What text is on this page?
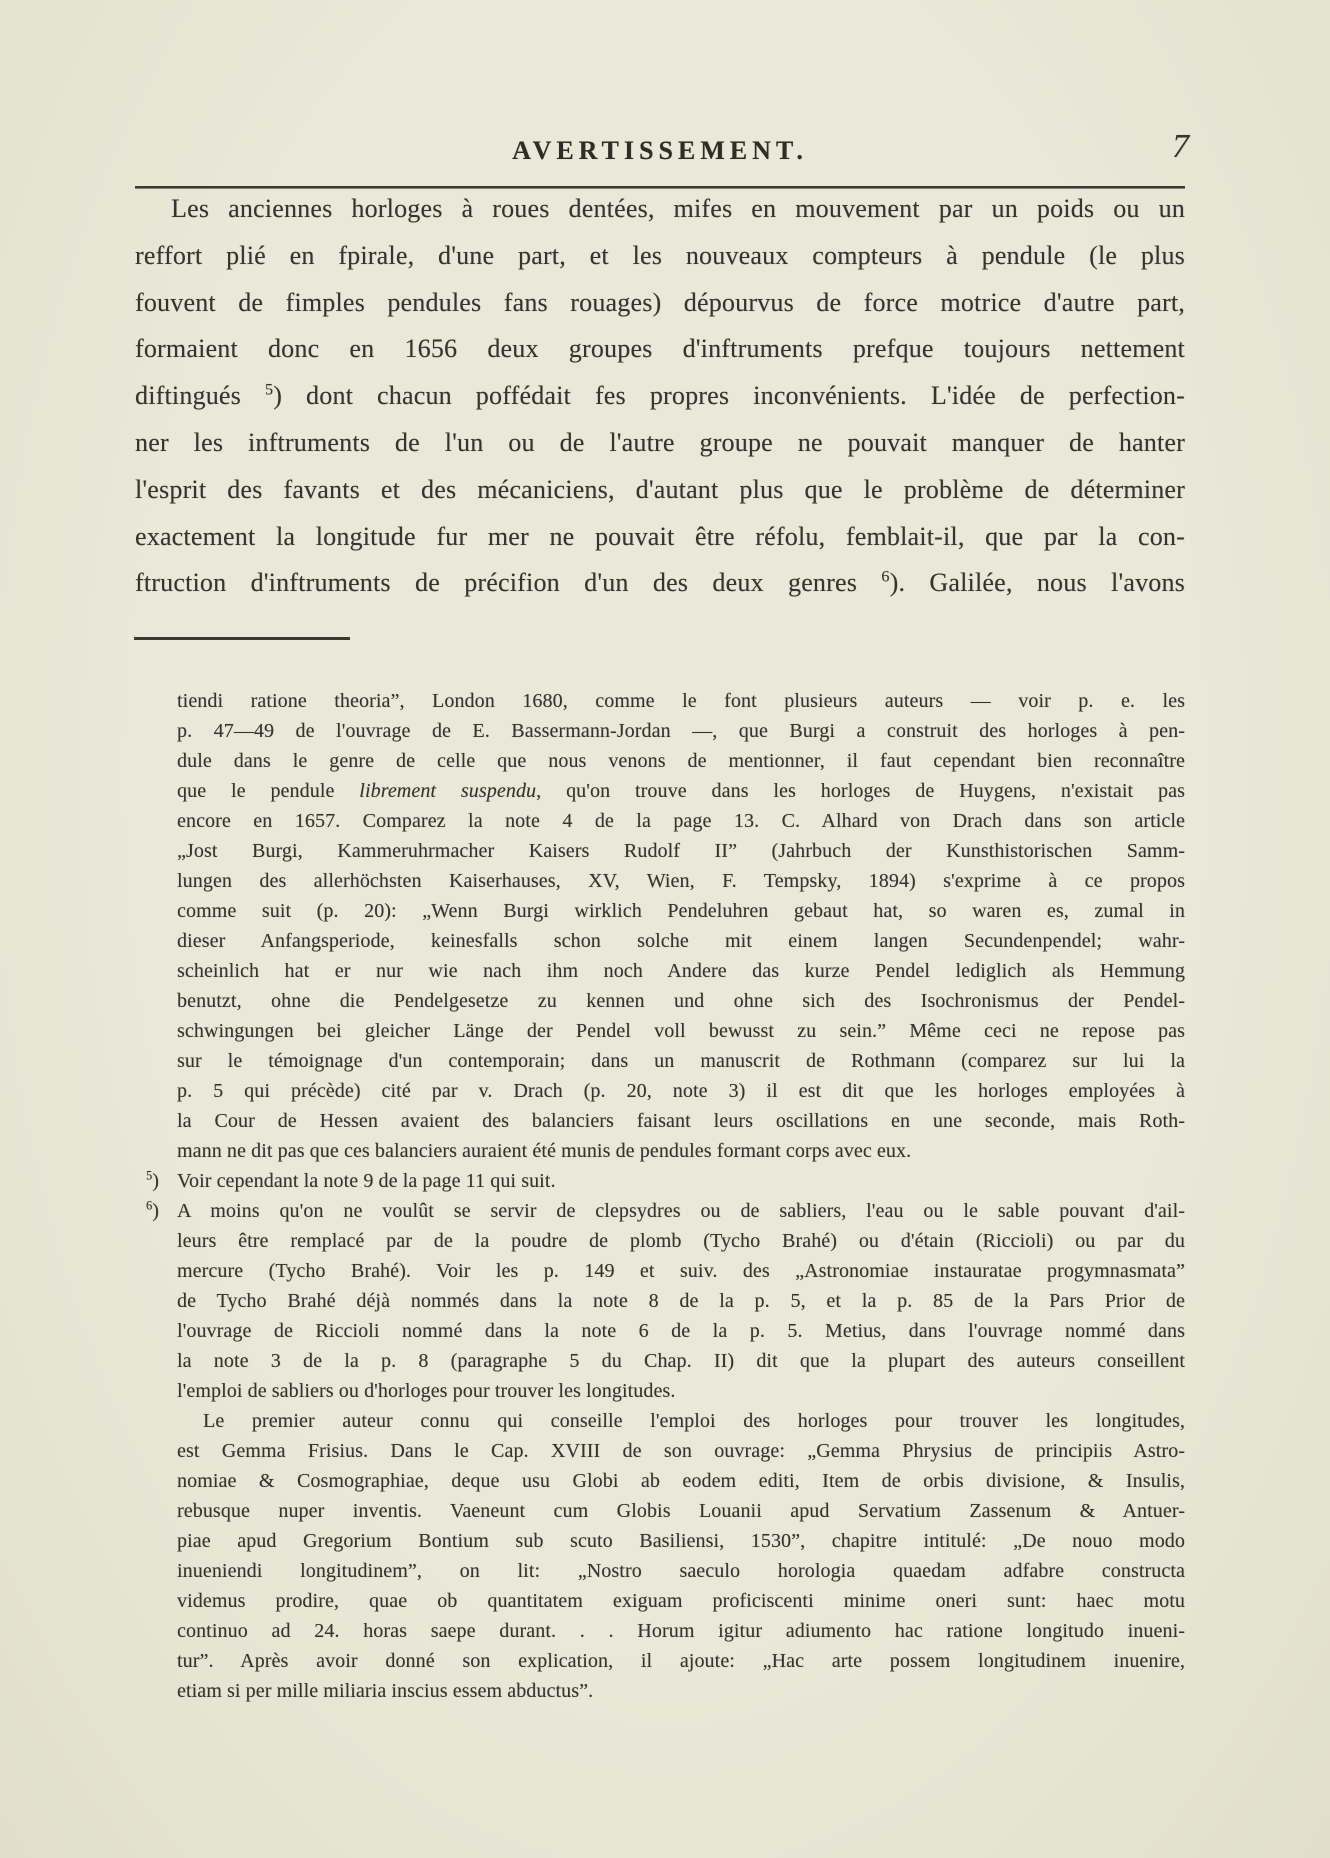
AVERTISSEMENT.	7
Les anciennes horloges à roues dentées, mifes en mouvement par un poids ou un
reffort plié en fpirale, d'une part, et les nouveaux compteurs à pendule (le plus
fouvent de fimples pendules fans rouages) dépourvus de force motrice d'autre part,
formaient donc en 1656 deux groupes d'inftruments prefque toujours nettement
diftingués $^5$) dont chacun poffédait fes propres inconvénients. L'idée de perfection-
ner les inftruments de l'un ou de l'autre groupe ne pouvait manquer de hanter
l'esprit des favants et des mécaniciens, d'autant plus que le problème de déterminer
exactement la longitude fur mer ne pouvait être réfolu, femblait-il, que par la con-
ftruction d'inftruments de précifion d'un des deux genres $^6$). Galilée, nous l'avons
tiendi ratione theoria”, London 1680, comme le font plusieurs auteurs — voir p. e. les
p. 47—49 de l'ouvrage de E. Bassermann-Jordan —, que Burgi a construit des horloges à pen-
dule dans le genre de celle que nous venons de mentionner, il faut cependant bien reconnaître
que le pendule librement suspendu, qu'on trouve dans les horloges de Huygens, n'existait pas
encore en 1657. Comparez la note 4 de la page 13. C. Alhard von Drach dans son article
„Jost Burgi, Kammeruhrmacher Kaisers Rudolf II” (Jahrbuch der Kunsthistorischen Samm-
lungen des allerhöchsten Kaiserhauses, XV, Wien, F. Tempsky, 1894) s'exprime à ce propos
comme suit (p. 20): „Wenn Burgi wirklich Pendeluhren gebaut hat, so waren es, zumal in
dieser Anfangsperiode, keinesfalls schon solche mit einem langen Secundenpendel; wahr-
scheinlich hat er nur wie nach ihm noch Andere das kurze Pendel lediglich als Hemmung
benutzt, ohne die Pendelgesetze zu kennen und ohne sich des Isochronismus der Pendel-
schwingungen bei gleicher Länge der Pendel voll bewusst zu sein.” Même ceci ne repose pas
sur le témoignage d'un contemporain; dans un manuscrit de Rothmann (comparez sur lui la
p. 5 qui précède) cité par v. Drach (p. 20, note 3) il est dit que les horloges employées à
la Cour de Hessen avaient des balanciers faisant leurs oscillations en une seconde, mais Roth-
mann ne dit pas que ces balanciers auraient été munis de pendules formant corps avec eux.
$^5$) Voir cependant la note 9 de la page 11 qui suit.
$^6$) A moins qu'on ne voulût se servir de clepsydres ou de sabliers, l'eau ou le sable pouvant d'ail-
leurs être remplacé par de la poudre de plomb (Tycho Brahé) ou d'étain (Riccioli) ou par du
mercure (Tycho Brahé). Voir les p. 149 et suiv. des „Astronomiae instauratae progymnasmata”
de Tycho Brahé déjà nommés dans la note 8 de la p. 5, et la p. 85 de la Pars Prior de
l'ouvrage de Riccioli nommé dans la note 6 de la p. 5. Metius, dans l'ouvrage nommé dans
la note 3 de la p. 8 (paragraphe 5 du Chap. II) dit que la plupart des auteurs conseillent
l'emploi de sabliers ou d'horloges pour trouver les longitudes.
Le premier auteur connu qui conseille l'emploi des horloges pour trouver les longitudes,
est Gemma Frisius. Dans le Cap. XVIII de son ouvrage: „Gemma Phrysius de principiis Astro-
nomiae & Cosmographiae, deque usu Globi ab eodem editi, Item de orbis divisione, & Insulis,
rebusque nuper inventis. Vaeneunt cum Globis Louanii apud Servatium Zassenum & Antuer-
piae apud Gregorium Bontium sub scuto Basiliensi, 1530”, chapitre intitulé: „De nouo modo
inueniendi longitudinem”, on lit: „Nostro saeculo horologia quaedam adfabre constructa
videmus prodire, quae ob quantitatem exiguam proficiscenti minime oneri sunt: haec motu
continuo ad 24. horas saepe durant. . . Horum igitur adiumento hac ratione longitudo inueni-
tur”. Après avoir donné son explication, il ajoute: „Hac arte possem longitudinem inuenire,
etiam si per mille miliaria inscius essem abductus”.
